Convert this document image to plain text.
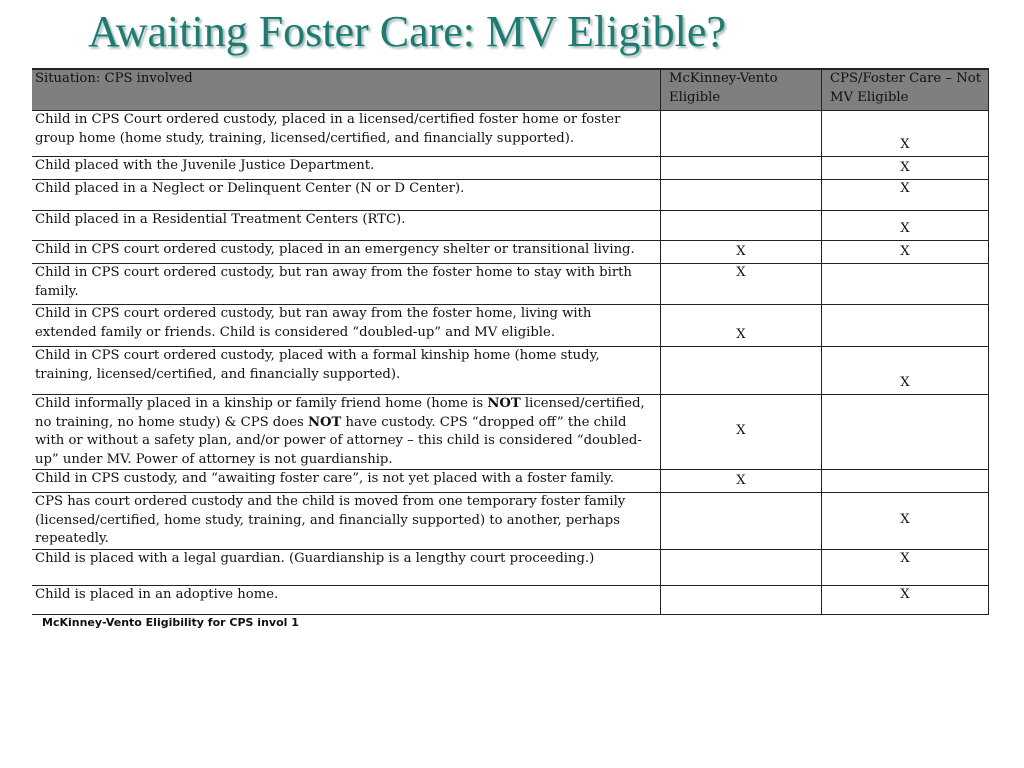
Awaiting Foster Care: MV Eligible?
Situation: CPS involved	McKinney-Vento Eligible	CPS/Foster Care – Not MV Eligible
Child in CPS Court ordered custody, placed in a licensed/certified foster home or foster group home (home study, training, licensed/certified, and financially supported).		X
Child placed with the Juvenile Justice Department.		X
Child placed in a Neglect or Delinquent Center (N or D Center).		X
Child placed in a Residential Treatment Centers (RTC).		X
Child in CPS court ordered custody, placed in an emergency shelter or transitional living.	X	X
Child in CPS court ordered custody, but ran away from the foster home to stay with birth family.	X	
Child in CPS court ordered custody, but ran away from the foster home, living with extended family or friends. Child is considered “doubled-up” and MV eligible.	X	
Child in CPS court ordered custody, placed with a formal kinship home (home study, training, licensed/certified, and financially supported).		X
Child informally placed in a kinship or family friend home (home is NOT licensed/certified, no training, no home study) & CPS does NOT have custody. CPS “dropped off” the child with or without a safety plan, and/or power of attorney – this child is considered “doubled-up” under MV. Power of attorney is not guardianship.	X	
Child in CPS custody, and “awaiting foster care”, is not yet placed with a foster family.	X	
CPS has court ordered custody and the child is moved from one temporary foster family (licensed/certified, home study, training, and financially supported) to another, perhaps repeatedly.		X
Child is placed with a legal guardian. (Guardianship is a lengthy court proceeding.)		X
Child is placed in an adoptive home.		X
McKinney-Vento Eligibility for CPS invol 1
